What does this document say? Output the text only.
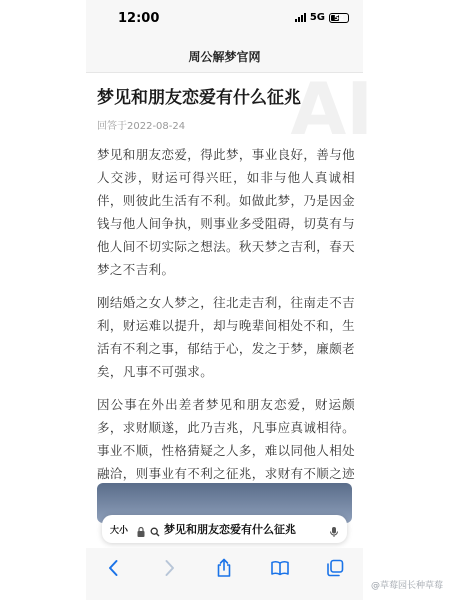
12:00	5G 52
周公解梦官网
AI
梦见和朋友恋爱有什么征兆
回答于2022-08-24

梦见和朋友恋爱，得此梦，事业良好，善与他人交涉，财运可得兴旺，如非与他人真诚相伴，则彼此生活有不利。如做此梦，乃是因金钱与他人间争执，则事业多受阻碍，切莫有与他人间不切实际之想法。秋天梦之吉利，春天梦之不吉利。

刚结婚之女人梦之，往北走吉利，往南走不吉利，财运难以提升，却与晚辈间相处不和，生活有不利之事，郁结于心，发之于梦，廉颇老矣，凡事不可强求。

因公事在外出差者梦见和朋友恋爱，财运颇多，求财顺遂，此乃吉兆，凡事应真诚相待。事业不顺，性格猜疑之人多，难以同他人相处融洽，则事业有不利之征兆，求财有不顺之迹

大小	梦见和朋友恋爱有什么征兆
@草莓园长种草莓
